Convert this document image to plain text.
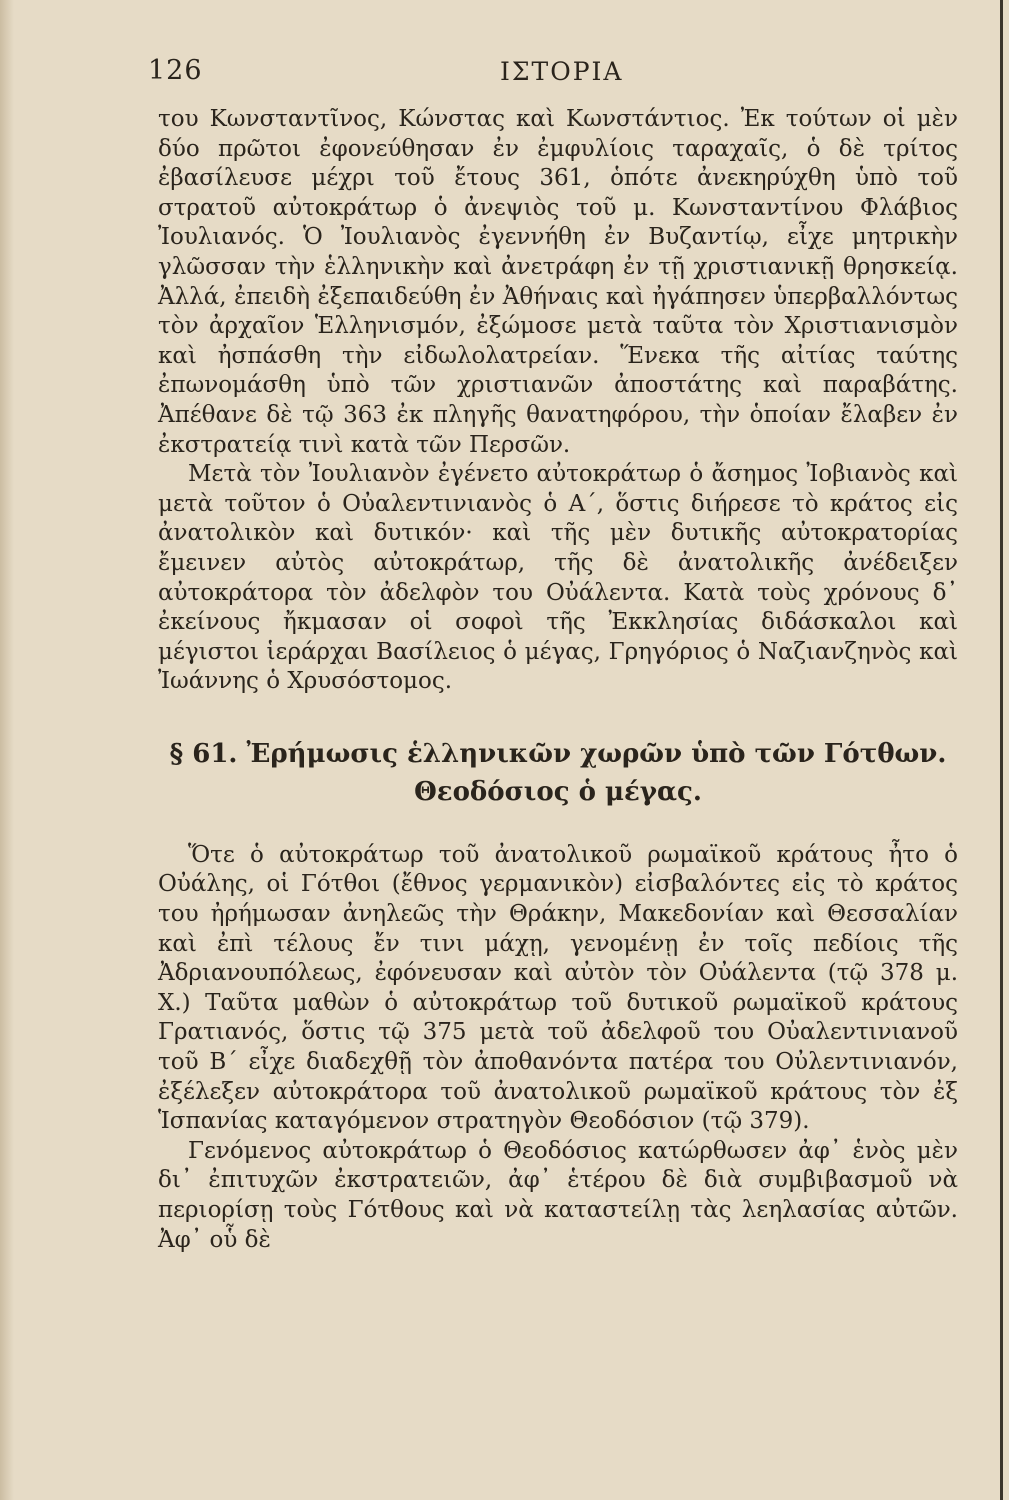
126	ΙΣΤΟΡΙΑ

του Κωνσταντῖνος, Κώνστας καὶ Κωνστάντιος. Ἐκ τούτων οἱ μὲν δύο πρῶτοι ἐφονεύθησαν ἐν ἐμφυλίοις ταραχαῖς, ὁ δὲ τρίτος ἐβασίλευσε μέχρι τοῦ ἔτους 361, ὁπότε ἀνεκηρύχθη ὑπὸ τοῦ στρατοῦ αὐτοκράτωρ ὁ ἀνεψιὸς τοῦ μ. Κωνσταντίνου Φλάβιος Ἰουλιανός. Ὁ Ἰουλιανὸς ἐγεννήθη ἐν Βυζαντίῳ, εἶχε μητρικὴν γλῶσσαν τὴν ἑλληνικὴν καὶ ἀνετράφη ἐν τῇ χριστιανικῇ θρησκείᾳ. Ἀλλά, ἐπειδὴ ἐξεπαιδεύθη ἐν Ἀθήναις καὶ ἠγάπησεν ὑπερβαλλόντως τὸν ἀρχαῖον Ἑλληνισμόν, ἐξώμοσε μετὰ ταῦτα τὸν Χριστιανισμὸν καὶ ἠσπάσθη τὴν εἰδωλολατρείαν. Ἕνεκα τῆς αἰτίας ταύτης ἐπωνομάσθη ὑπὸ τῶν χριστιανῶν ἀποστάτης καὶ παραβάτης. Ἀπέθανε δὲ τῷ 363 ἐκ πληγῆς θανατηφόρου, τὴν ὁποίαν ἔλαβεν ἐν ἐκστρατείᾳ τινὶ κατὰ τῶν Περσῶν.

Μετὰ τὸν Ἰουλιανὸν ἐγένετο αὐτοκράτωρ ὁ ἄσημος Ἰοβιανὸς καὶ μετὰ τοῦτον ὁ Οὐαλεντινιανὸς ὁ Α΄, ὅστις διήρεσε τὸ κράτος εἰς ἀνατολικὸν καὶ δυτικόν· καὶ τῆς μὲν δυτικῆς αὐτοκρατορίας ἔμεινεν αὐτὸς αὐτοκράτωρ, τῆς δὲ ἀνατολικῆς ἀνέδειξεν αὐτοκράτορα τὸν ἀδελφὸν του Οὐάλεντα. Κατὰ τοὺς χρόνους δ᾽ ἐκείνους ἤκμασαν οἱ σοφοὶ τῆς Ἐκκλησίας διδάσκαλοι καὶ μέγιστοι ἱεράρχαι Βασίλειος ὁ μέγας, Γρηγόριος ὁ Ναζιανζηνὸς καὶ Ἰωάννης ὁ Χρυσόστομος.

§ 61. Ἐρήμωσις ἑλληνικῶν χωρῶν ὑπὸ τῶν Γότθων.
Θεοδόσιος ὁ μέγας.

Ὅτε ὁ αὐτοκράτωρ τοῦ ἀνατολικοῦ ρωμαϊκοῦ κράτους ἦτο ὁ Οὐάλης, οἱ Γότθοι (ἔθνος γερμανικὸν) εἰσβαλόντες εἰς τὸ κράτος του ἠρήμωσαν ἀνηλεῶς τὴν Θράκην, Μακεδονίαν καὶ Θεσσαλίαν καὶ ἐπὶ τέλους ἔν τινι μάχῃ, γενομένῃ ἐν τοῖς πεδίοις τῆς Ἀδριανουπόλεως, ἐφόνευσαν καὶ αὐτὸν τὸν Οὐάλεντα (τῷ 378 μ. Χ.) Ταῦτα μαθὼν ὁ αὐτοκράτωρ τοῦ δυτικοῦ ρωμαϊκοῦ κράτους Γρατιανός, ὅστις τῷ 375 μετὰ τοῦ ἀδελφοῦ του Οὐαλεντινιανοῦ τοῦ Β΄ εἶχε διαδεχθῇ τὸν ἀποθανόντα πατέρα του Οὐλεντινιανόν, ἐξέλεξεν αὐτοκράτορα τοῦ ἀνατολικοῦ ρωμαϊκοῦ κράτους τὸν ἐξ Ἱσπανίας καταγόμενον στρατηγὸν Θεοδόσιον (τῷ 379).

Γενόμενος αὐτοκράτωρ ὁ Θεοδόσιος κατώρθωσεν ἀφ᾽ ἑνὸς μὲν δι᾽ ἐπιτυχῶν ἐκστρατειῶν, ἀφ᾽ ἑτέρου δὲ διὰ συμβιβασμοῦ νὰ περιορίσῃ τοὺς Γότθους καὶ νὰ καταστείλῃ τὰς λεηλασίας αὐτῶν. Ἀφ᾽ οὗ δὲ
